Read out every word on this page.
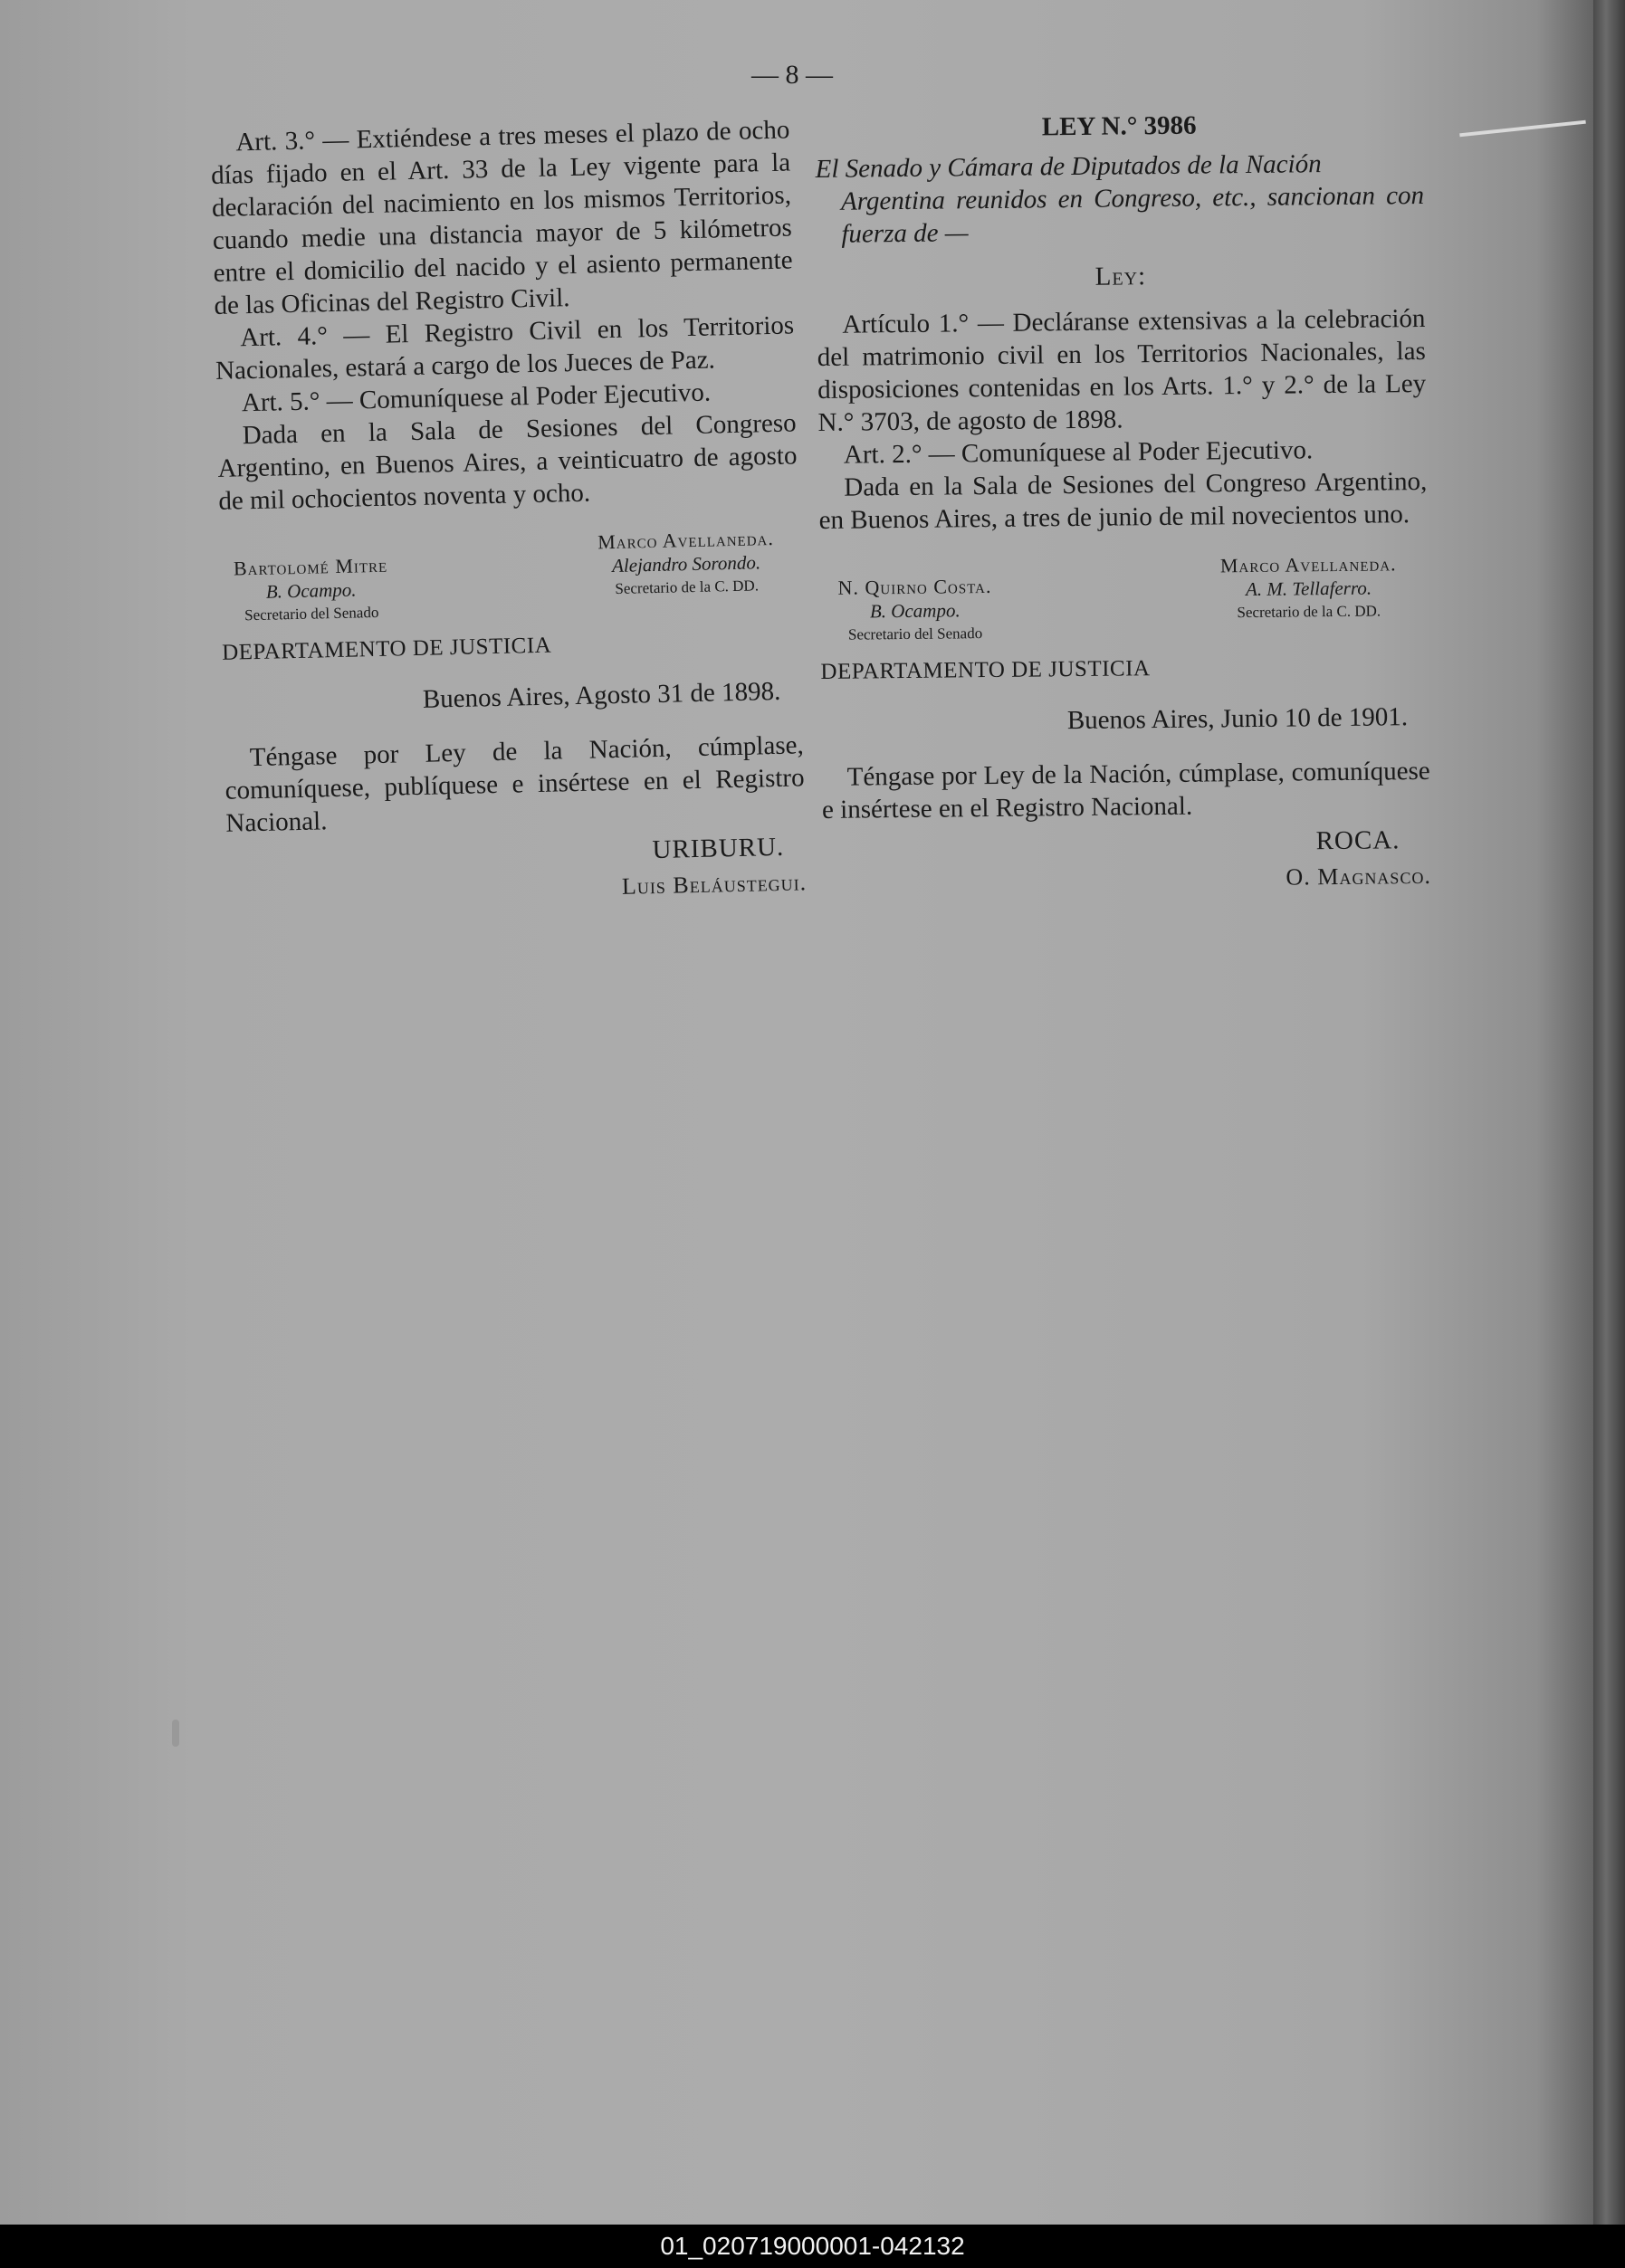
— 8 —

Art. 3.° — Extiéndese a tres meses el plazo de ocho días fijado en el Art. 33 de la Ley vigente para la declaración del nacimiento en los mismos Territorios, cuando medie una distancia mayor de 5 kilómetros entre el domicilio del nacido y el asiento permanente de las Oficinas del Registro Civil.

Art. 4.° — El Registro Civil en los Territorios Nacionales, estará a cargo de los Jueces de Paz.

Art. 5.° — Comuníquese al Poder Ejecutivo.

Dada en la Sala de Sesiones del Congreso Argentino, en Buenos Aires, a veinticuatro de agosto de mil ochocientos noventa y ocho.

Bartolomé Mitre
B. Ocampo.
Secretario del Senado
Marco Avellaneda.
Alejandro Sorondo.
Secretario de la C. DD.

DEPARTAMENTO DE JUSTICIA

Buenos Aires, Agosto 31 de 1898.

Téngase por Ley de la Nación, cúmplase, comuníquese, publíquese e insértese en el Registro Nacional.

URIBURU.

Luis Beláustegui.

LEY N.° 3986

El Senado y Cámara de Diputados de la Nación
Argentina reunidos en Congreso, etc., sancionan con fuerza de —

Ley:

Artículo 1.° — Decláranse extensivas a la celebración del matrimonio civil en los Territorios Nacionales, las disposiciones contenidas en los Arts. 1.° y 2.° de la Ley N.° 3703, de agosto de 1898.

Art. 2.° — Comuníquese al Poder Ejecutivo.

Dada en la Sala de Sesiones del Congreso Argentino, en Buenos Aires, a tres de junio de mil novecientos uno.

N. Quirno Costa.
B. Ocampo.
Secretario del Senado
Marco Avellaneda.
A. M. Tellaferro.
Secretario de la C. DD.

DEPARTAMENTO DE JUSTICIA

Buenos Aires, Junio 10 de 1901.

Téngase por Ley de la Nación, cúmplase, comuníquese e insértese en el Registro Nacional.

ROCA.

O. Magnasco.

01_020719000001-042132
